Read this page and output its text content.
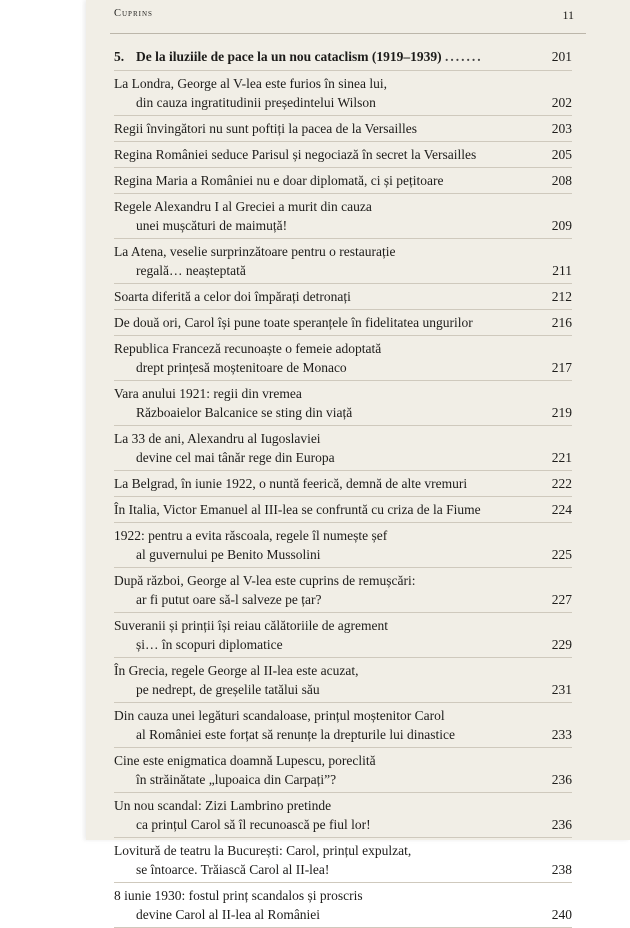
Cuprins	11
5. De la iluziile de pace la un nou cataclism (1919–1939) .......	201
La Londra, George al V-lea este furios în sinea lui,
din cauza ingratitudinii președintelui Wilson	202
Regii învingători nu sunt poftiți la pacea de la Versailles	203
Regina României seduce Parisul și negociază în secret la Versailles	205
Regina Maria a României nu e doar diplomată, ci și pețitoare	208
Regele Alexandru I al Greciei a murit din cauza
unei mușcături de maimuță!	209
La Atena, veselie surprinzătoare pentru o restaurație
regală… neașteptată	211
Soarta diferită a celor doi împărați detronați	212
De două ori, Carol își pune toate speranțele în fidelitatea ungurilor	216
Republica Franceză recunoaște o femeie adoptată
drept prințesă moștenitoare de Monaco	217
Vara anului 1921: regii din vremea
Războaielor Balcanice se sting din viață	219
La 33 de ani, Alexandru al Iugoslaviei
devine cel mai tânăr rege din Europa	221
La Belgrad, în iunie 1922, o nuntă feerică, demnă de alte vremuri	222
În Italia, Victor Emanuel al III-lea se confruntă cu criza de la Fiume	224
1922: pentru a evita răscoala, regele îl numește șef
al guvernului pe Benito Mussolini	225
După război, George al V-lea este cuprins de remușcări:
ar fi putut oare să-l salveze pe țar?	227
Suveranii și prinții își reiau călătoriile de agrement
și… în scopuri diplomatice	229
În Grecia, regele George al II-lea este acuzat,
pe nedrept, de greșelile tatălui său	231
Din cauza unei legături scandaloase, prințul moștenitor Carol
al României este forțat să renunțe la drepturile lui dinastice	233
Cine este enigmatica doamnă Lupescu, poreclită
în străinătate „lupoaica din Carpați”?	236
Un nou scandal: Zizi Lambrino pretinde
ca prințul Carol să îl recunoască pe fiul lor!	236
Lovitură de teatru la București: Carol, prințul expulzat,
se întoarce. Trăiască Carol al II-lea!	238
8 iunie 1930: fostul prinț scandalos și proscris
devine Carol al II-lea al României	240
